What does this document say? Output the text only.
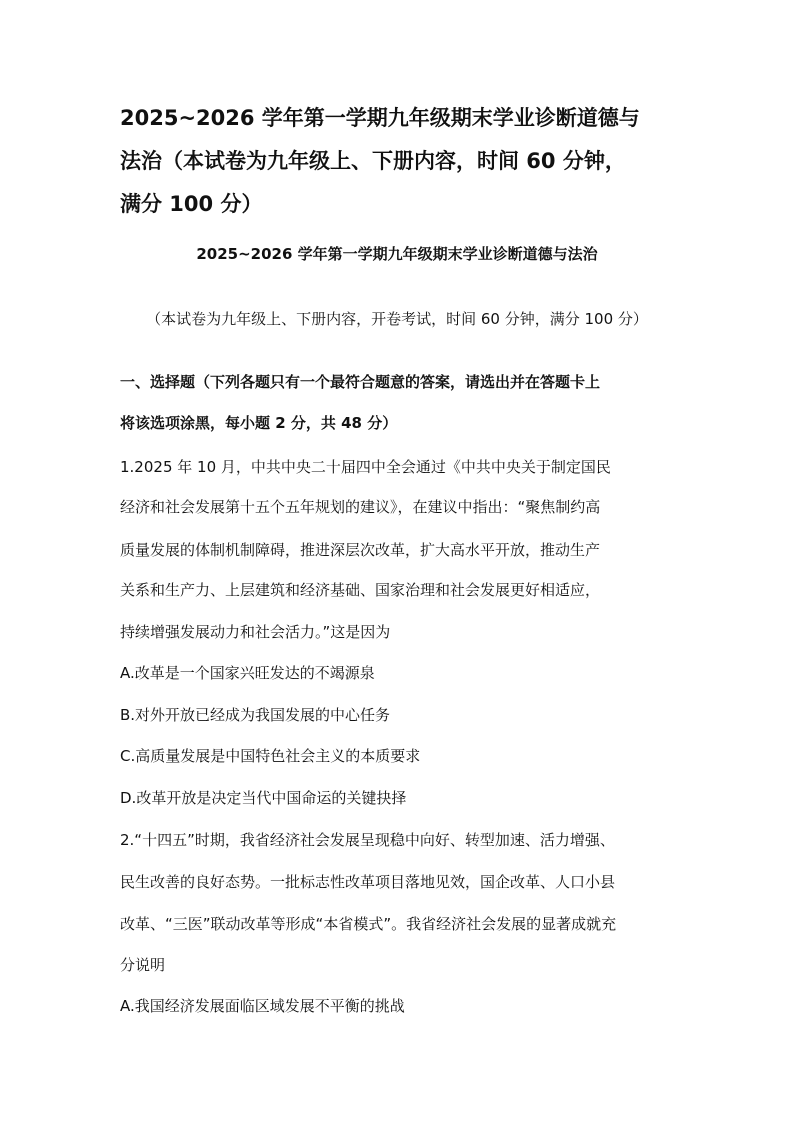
2025~2026 学年第一学期九年级期末学业诊断道德与
法治（本试卷为九年级上、下册内容，时间 60 分钟，
满分 100 分）
2025~2026 学年第一学期九年级期末学业诊断道德与法治
（本试卷为九年级上、下册内容，开卷考试，时间 60 分钟，满分 100 分）
一、选择题（下列各题只有一个最符合题意的答案，请选出并在答题卡上
将该选项涂黑，每小题 2 分，共 48 分）
1.2025 年 10 月，中共中央二十届四中全会通过《中共中央关于制定国民
经济和社会发展第十五个五年规划的建议》，在建议中指出：“聚焦制约高
质量发展的体制机制障碍，推进深层次改革，扩大高水平开放，推动生产
关系和生产力、上层建筑和经济基础、国家治理和社会发展更好相适应，
持续增强发展动力和社会活力。”这是因为
A.改革是一个国家兴旺发达的不竭源泉
B.对外开放已经成为我国发展的中心任务
C.高质量发展是中国特色社会主义的本质要求
D.改革开放是决定当代中国命运的关键抉择
2.“十四五”时期，我省经济社会发展呈现稳中向好、转型加速、活力增强、
民生改善的良好态势。一批标志性改革项目落地见效，国企改革、人口小县
改革、“三医”联动改革等形成“本省模式”。我省经济社会发展的显著成就充
分说明
A.我国经济发展面临区域发展不平衡的挑战
